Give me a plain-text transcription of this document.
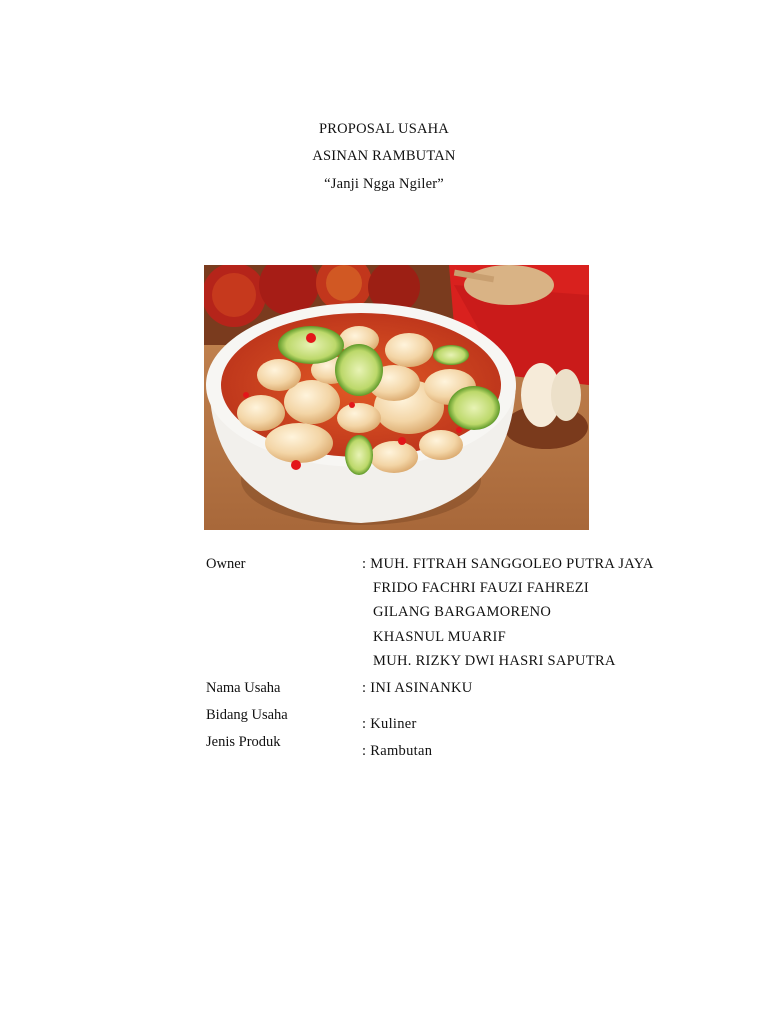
PROPOSAL USAHA
ASINAN RAMBUTAN
“Janji Ngga Ngiler”
Owner	: MUH. FITRAH SANGGOLEO PUTRA JAYA
FRIDO FACHRI FAUZI FAHREZI
GILANG BARGAMORENO
KHASNUL MUARIF
MUH. RIZKY DWI HASRI SAPUTRA
Nama Usaha	: INI ASINANKU
Bidang Usaha
: Kuliner
Jenis Produk
: Rambutan
